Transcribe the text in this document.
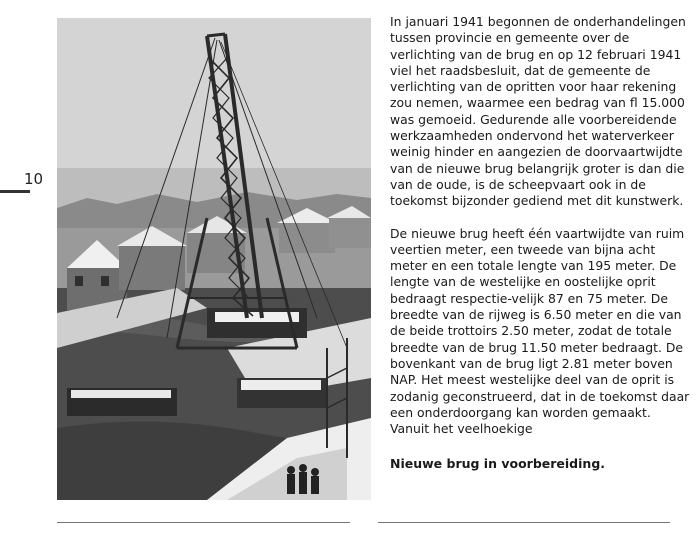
10

In januari 1941 begonnen de onderhandelingen tussen provincie en gemeente over de verlichting van de brug en op 12 februari 1941 viel het raadsbesluit, dat de gemeente de verlichting van de opritten voor haar rekening zou nemen, waarmee een bedrag van fl 15.000 was gemoeid. Gedurende alle voorbereidende werkzaamheden ondervond het waterverkeer weinig hinder en aangezien de doorvaartwijdte van de nieuwe brug belangrijk groter is dan die van de oude, is de scheepvaart ook in de toekomst bijzonder gediend met dit kunstwerk.

De nieuwe brug heeft één vaartwijdte van ruim veertien meter, een tweede van bijna acht meter en een totale lengte van 195 meter. De lengte van de westelijke en oostelijke oprit bedraagt respectie-velijk 87 en 75 meter. De breedte van de rijweg is 6.50 meter en die van de beide trottoirs 2.50 meter, zodat de totale breedte van de brug 11.50 meter bedraagt. De bovenkant van de brug ligt 2.81 meter boven NAP. Het meest westelijke deel van de oprit is zodanig geconstrueerd, dat in de toekomst daar een onderdoorgang kan worden gemaakt. Vanuit het veelhoekige

Nieuwe brug in voorbereiding.
